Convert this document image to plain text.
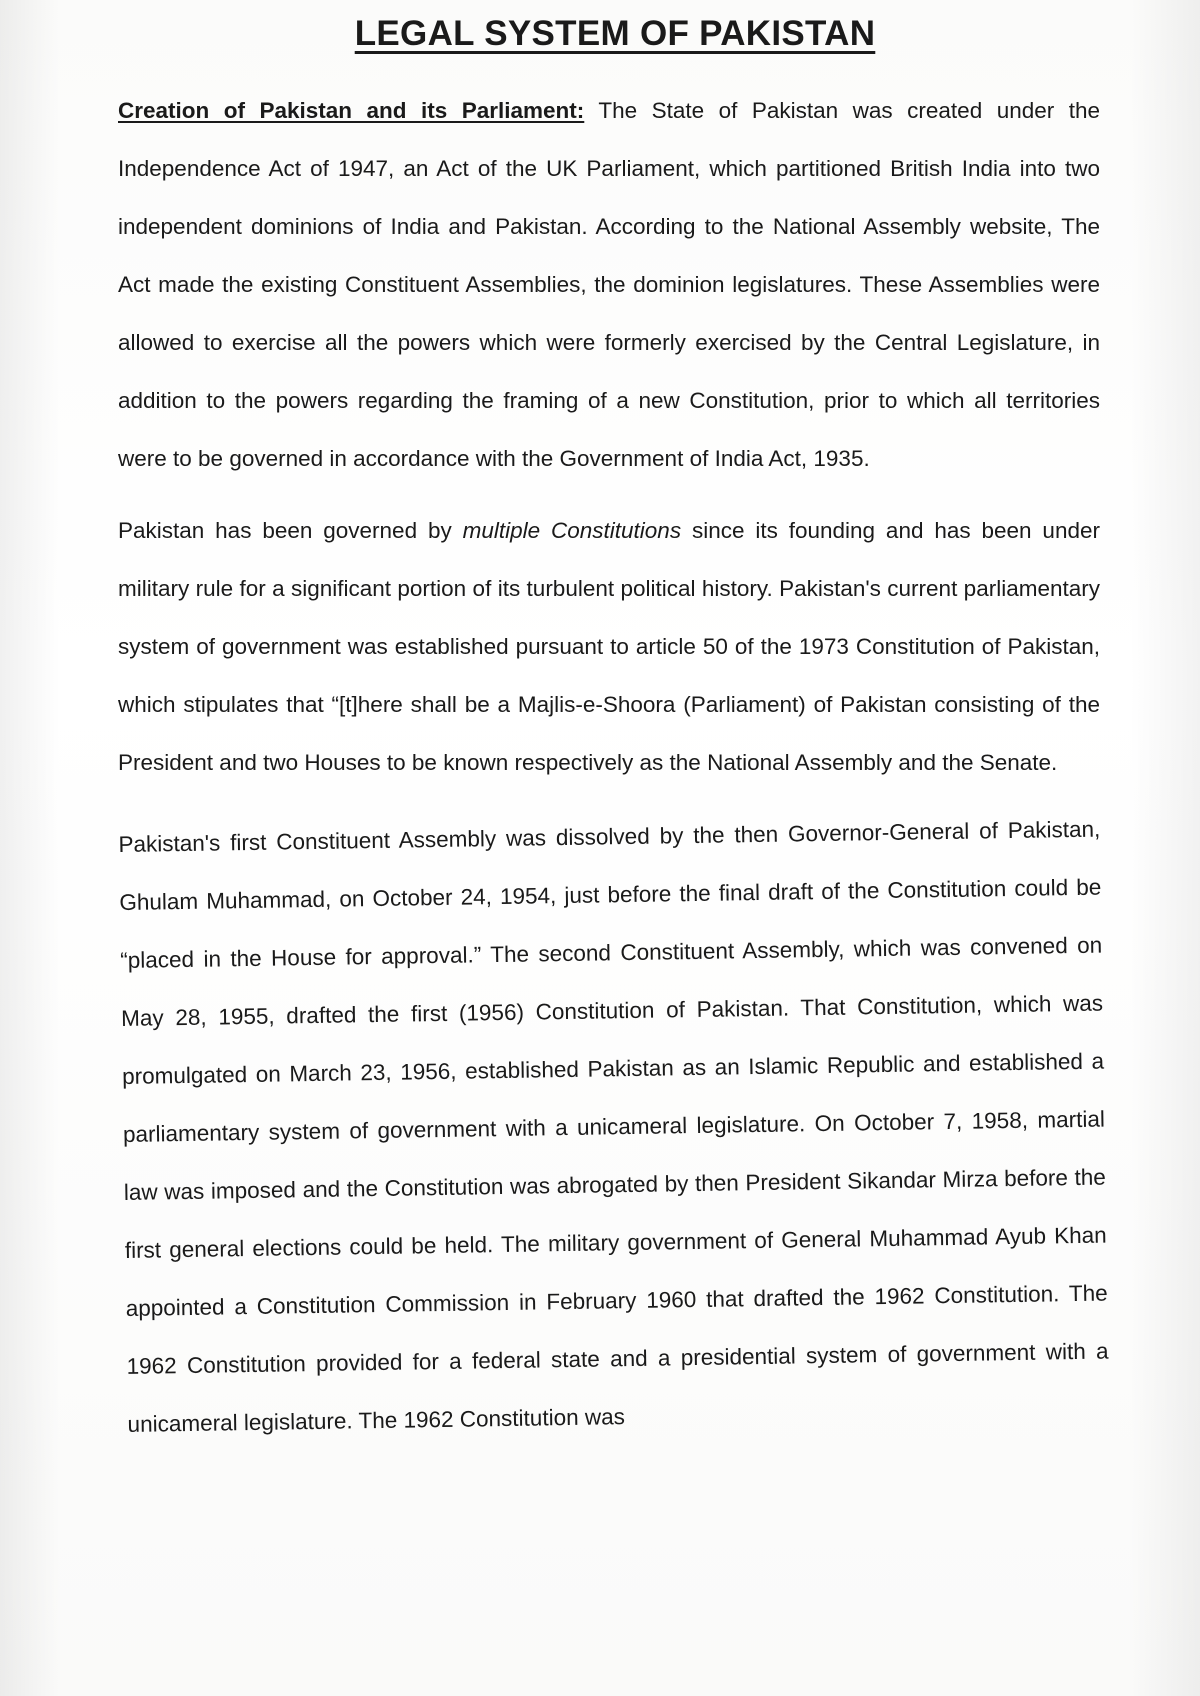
LEGAL SYSTEM OF PAKISTAN

Creation of Pakistan and its Parliament: The State of Pakistan was created under the Independence Act of 1947, an Act of the UK Parliament, which partitioned British India into two independent dominions of India and Pakistan. According to the National Assembly website, The Act made the existing Constituent Assemblies, the dominion legislatures. These Assemblies were allowed to exercise all the powers which were formerly exercised by the Central Legislature, in addition to the powers regarding the framing of a new Constitution, prior to which all territories were to be governed in accordance with the Government of India Act, 1935.

Pakistan has been governed by multiple Constitutions since its founding and has been under military rule for a significant portion of its turbulent political history. Pakistan's current parliamentary system of government was established pursuant to article 50 of the 1973 Constitution of Pakistan, which stipulates that “[t]here shall be a Majlis-e-Shoora (Parliament) of Pakistan consisting of the President and two Houses to be known respectively as the National Assembly and the Senate.

Pakistan's first Constituent Assembly was dissolved by the then Governor-General of Pakistan, Ghulam Muhammad, on October 24, 1954, just before the final draft of the Constitution could be “placed in the House for approval.” The second Constituent Assembly, which was convened on May 28, 1955, drafted the first (1956) Constitution of Pakistan. That Constitution, which was promulgated on March 23, 1956, established Pakistan as an Islamic Republic and established a parliamentary system of government with a unicameral legislature. On October 7, 1958, martial law was imposed and the Constitution was abrogated by then President Sikandar Mirza before the first general elections could be held. The military government of General Muhammad Ayub Khan appointed a Constitution Commission in February 1960 that drafted the 1962 Constitution. The 1962 Constitution provided for a federal state and a presidential system of government with a unicameral legislature. The 1962 Constitution was
